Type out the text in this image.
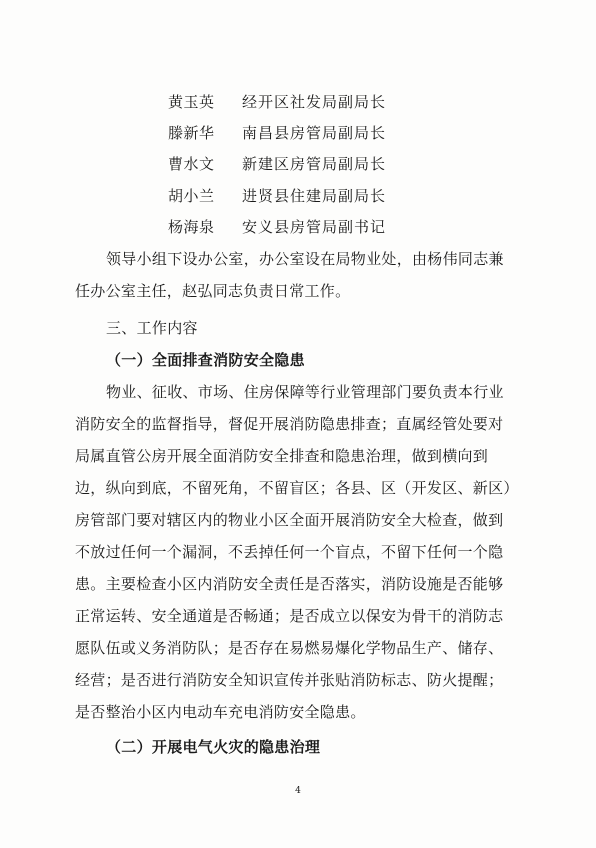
黄玉英 经开区社发局副局长
滕新华 南昌县房管局副局长
曹水文 新建区房管局副局长
胡小兰 进贤县住建局副局长
杨海泉 安义县房管局副书记
领导小组下设办公室，办公室设在局物业处，由杨伟同志兼
任办公室主任，赵弘同志负责日常工作。
三、工作内容
（一）全面排查消防安全隐患
物业、征收、市场、住房保障等行业管理部门要负责本行业
消防安全的监督指导，督促开展消防隐患排查；直属经管处要对
局属直管公房开展全面消防安全排查和隐患治理，做到横向到
边，纵向到底，不留死角，不留盲区；各县、区（开发区、新区）
房管部门要对辖区内的物业小区全面开展消防安全大检查，做到
不放过任何一个漏洞，不丢掉任何一个盲点，不留下任何一个隐
患。主要检查小区内消防安全责任是否落实，消防设施是否能够
正常运转、安全通道是否畅通；是否成立以保安为骨干的消防志
愿队伍或义务消防队；是否存在易燃易爆化学物品生产、储存、
经营；是否进行消防安全知识宣传并张贴消防标志、防火提醒；
是否整治小区内电动车充电消防安全隐患。
（二）开展电气火灾的隐患治理
4
